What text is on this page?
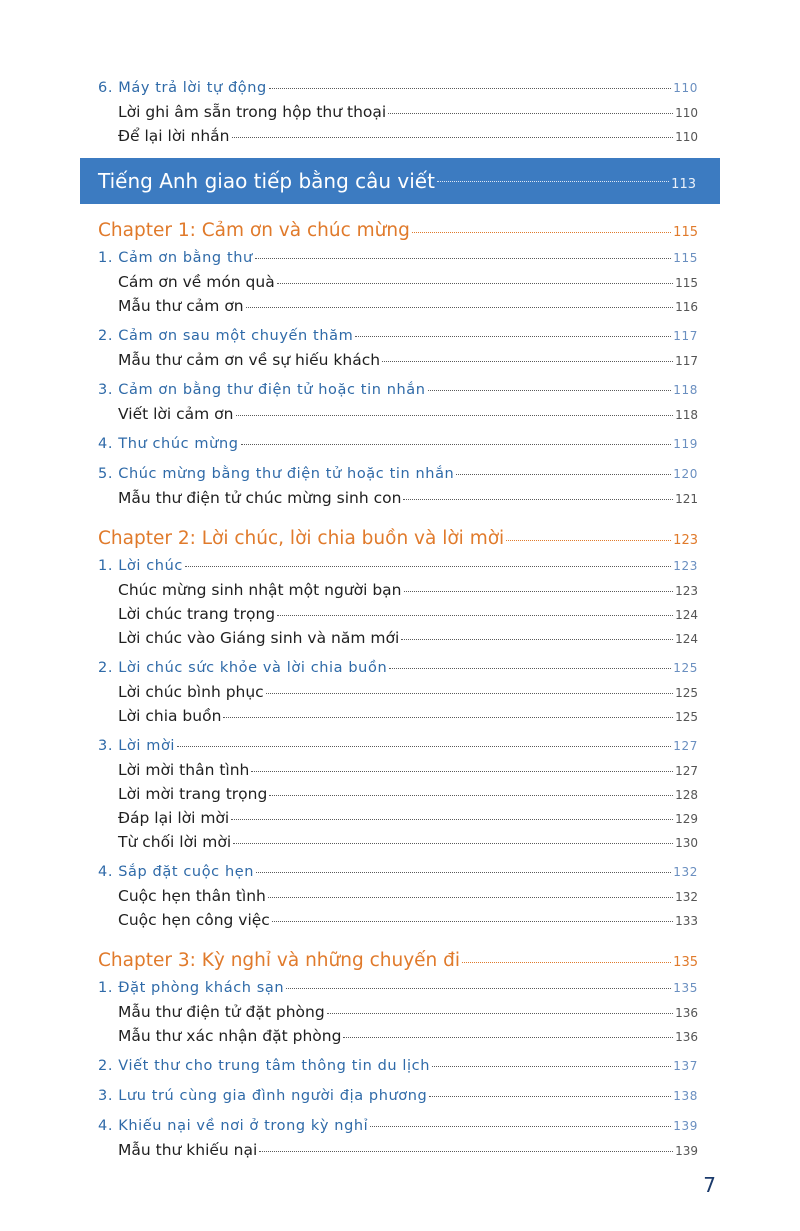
6. Máy trả lời tự động	110
Lời ghi âm sẵn trong hộp thư thoại	110
Để lại lời nhắn	110
Tiếng Anh giao tiếp bằng câu viết	113
Chapter 1: Cảm ơn và chúc mừng	115
1. Cảm ơn bằng thư	115
Cám ơn về món quà	115
Mẫu thư cảm ơn	116
2. Cảm ơn sau một chuyến thăm	117
Mẫu thư cảm ơn về sự hiếu khách	117
3. Cảm ơn bằng thư điện tử hoặc tin nhắn	118
Viết lời cảm ơn	118
4. Thư chúc mừng	119
5. Chúc mừng bằng thư điện tử hoặc tin nhắn	120
Mẫu thư điện tử chúc mừng sinh con	121
Chapter 2: Lời chúc, lời chia buồn và lời mời	123
1. Lời chúc	123
Chúc mừng sinh nhật một người bạn	123
Lời chúc trang trọng	124
Lời chúc vào Giáng sinh và năm mới	124
2. Lời chúc sức khỏe và lời chia buồn	125
Lời chúc bình phục	125
Lời chia buồn	125
3. Lời mời	127
Lời mời thân tình	127
Lời mời trang trọng	128
Đáp lại lời mời	129
Từ chối lời mời	130
4. Sắp đặt cuộc hẹn	132
Cuộc hẹn thân tình	132
Cuộc hẹn công việc	133
Chapter 3: Kỳ nghỉ và những chuyến đi	135
1. Đặt phòng khách sạn	135
Mẫu thư điện tử đặt phòng	136
Mẫu thư xác nhận đặt phòng	136
2. Viết thư cho trung tâm thông tin du lịch	137
3. Lưu trú cùng gia đình người địa phương	138
4. Khiếu nại về nơi ở trong kỳ nghỉ	139
Mẫu thư khiếu nại	139
7
